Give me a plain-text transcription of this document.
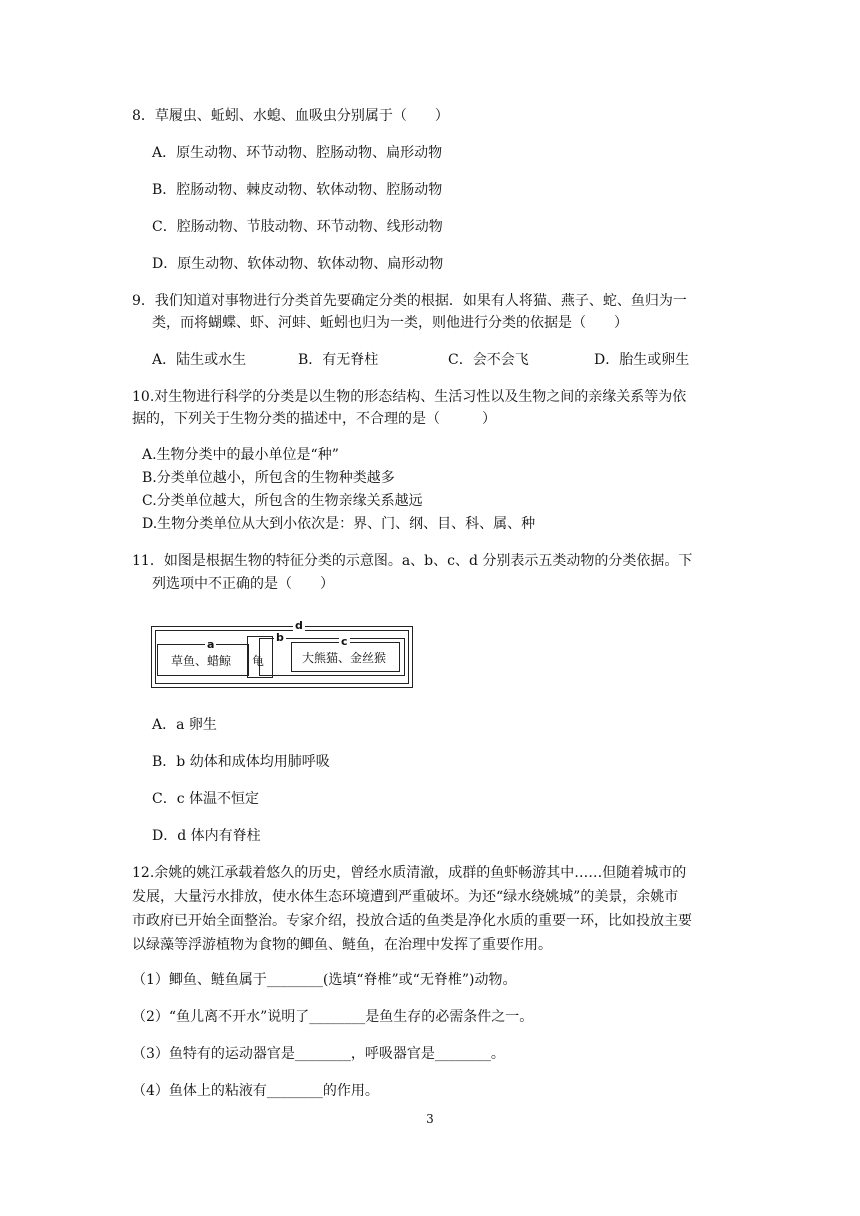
8．草履虫、蚯蚓、水螅、血吸虫分别属于（　　）
A．原生动物、环节动物、腔肠动物、扁形动物
B．腔肠动物、棘皮动物、软体动物、腔肠动物
C．腔肠动物、节肢动物、环节动物、线形动物
D．原生动物、软体动物、软体动物、扁形动物
9．我们知道对事物进行分类首先要确定分类的根据．如果有人将猫、燕子、蛇、鱼归为一
类，而将蝴蝶、虾、河蚌、蚯蚓也归为一类，则他进行分类的依据是（　　）
A．陆生或水生	B．有无脊柱	C．会不会飞	D．胎生或卵生
10.对生物进行科学的分类是以生物的形态结构、生活习性以及生物之间的亲缘关系等为依
据的，下列关于生物分类的描述中，不合理的是（　　　）
A.生物分类中的最小单位是“种”
B.分类单位越小，所包含的生物种类越多
C.分类单位越大，所包含的生物亲缘关系越远
D.生物分类单位从大到小依次是：界、门、纲、目、科、属、种
11．如图是根据生物的特征分类的示意图。a、b、c、d 分别表示五类动物的分类依据。下
列选项中不正确的是（　　）
d
c
大熊猫、金丝猴
a
草鱼、蜡鲸
b
龟
A．a 卵生
B．b 幼体和成体均用肺呼吸
C．c 体温不恒定
D．d 体内有脊柱
12.余姚的姚江承载着悠久的历史，曾经水质清澈，成群的鱼虾畅游其中……但随着城市的
发展，大量污水排放，使水体生态环境遭到严重破坏。为还“绿水绕姚城”的美景，余姚市
市政府已开始全面整治。专家介绍，投放合适的鱼类是净化水质的重要一环，比如投放主要
以绿藻等浮游植物为食物的鲫鱼、鲢鱼，在治理中发挥了重要作用。
（1）鲫鱼、鲢鱼属于________(选填“脊椎”或“无脊椎”)动物。
（2）“鱼儿离不开水”说明了________是鱼生存的必需条件之一。
（3）鱼特有的运动器官是________，呼吸器官是________。
（4）鱼体上的粘液有________的作用。
3
